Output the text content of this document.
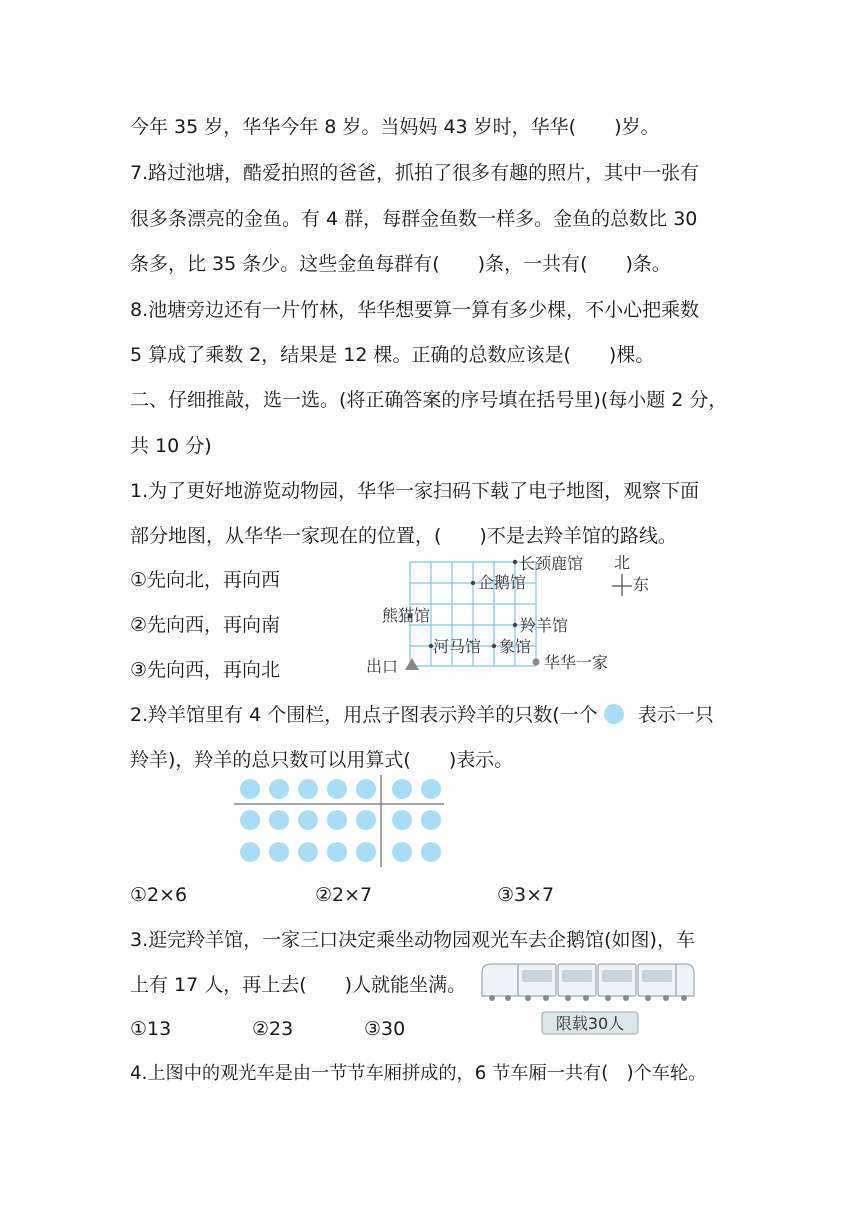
今年 35 岁，华华今年 8 岁。当妈妈 43 岁时，华华(　　)岁。
7.路过池塘，酷爱拍照的爸爸，抓拍了很多有趣的照片，其中一张有
很多条漂亮的金鱼。有 4 群，每群金鱼数一样多。金鱼的总数比 30
条多，比 35 条少。这些金鱼每群有(　　)条，一共有(　　)条。
8.池塘旁边还有一片竹林，华华想要算一算有多少棵，不小心把乘数
5 算成了乘数 2，结果是 12 棵。正确的总数应该是(　　)棵。
二、仔细推敲，选一选。(将正确答案的序号填在括号里)(每小题 2 分，
共 10 分)
1.为了更好地游览动物园，华华一家扫码下载了电子地图，观察下面
部分地图，从华华一家现在的位置，(　　)不是去羚羊馆的路线。
①先向北，再向西
②先向西，再向南
③先向西，再向北
长颈鹿馆
企鹅馆
熊猫馆
羚羊馆
河马馆 象馆
出口	华华一家
北
东
2.羚羊馆里有 4 个围栏，用点子图表示羚羊的只数(一个 表示一只
羚羊)，羚羊的总只数可以用算式(　　)表示。
①2×6	②2×7	③3×7
3.逛完羚羊馆，一家三口决定乘坐动物园观光车去企鹅馆(如图)，车
上有 17 人，再上去(　　)人就能坐满。
限载30人
①13	②23	③30
4.上图中的观光车是由一节节车厢拼成的，6 节车厢一共有(　)个车轮。
